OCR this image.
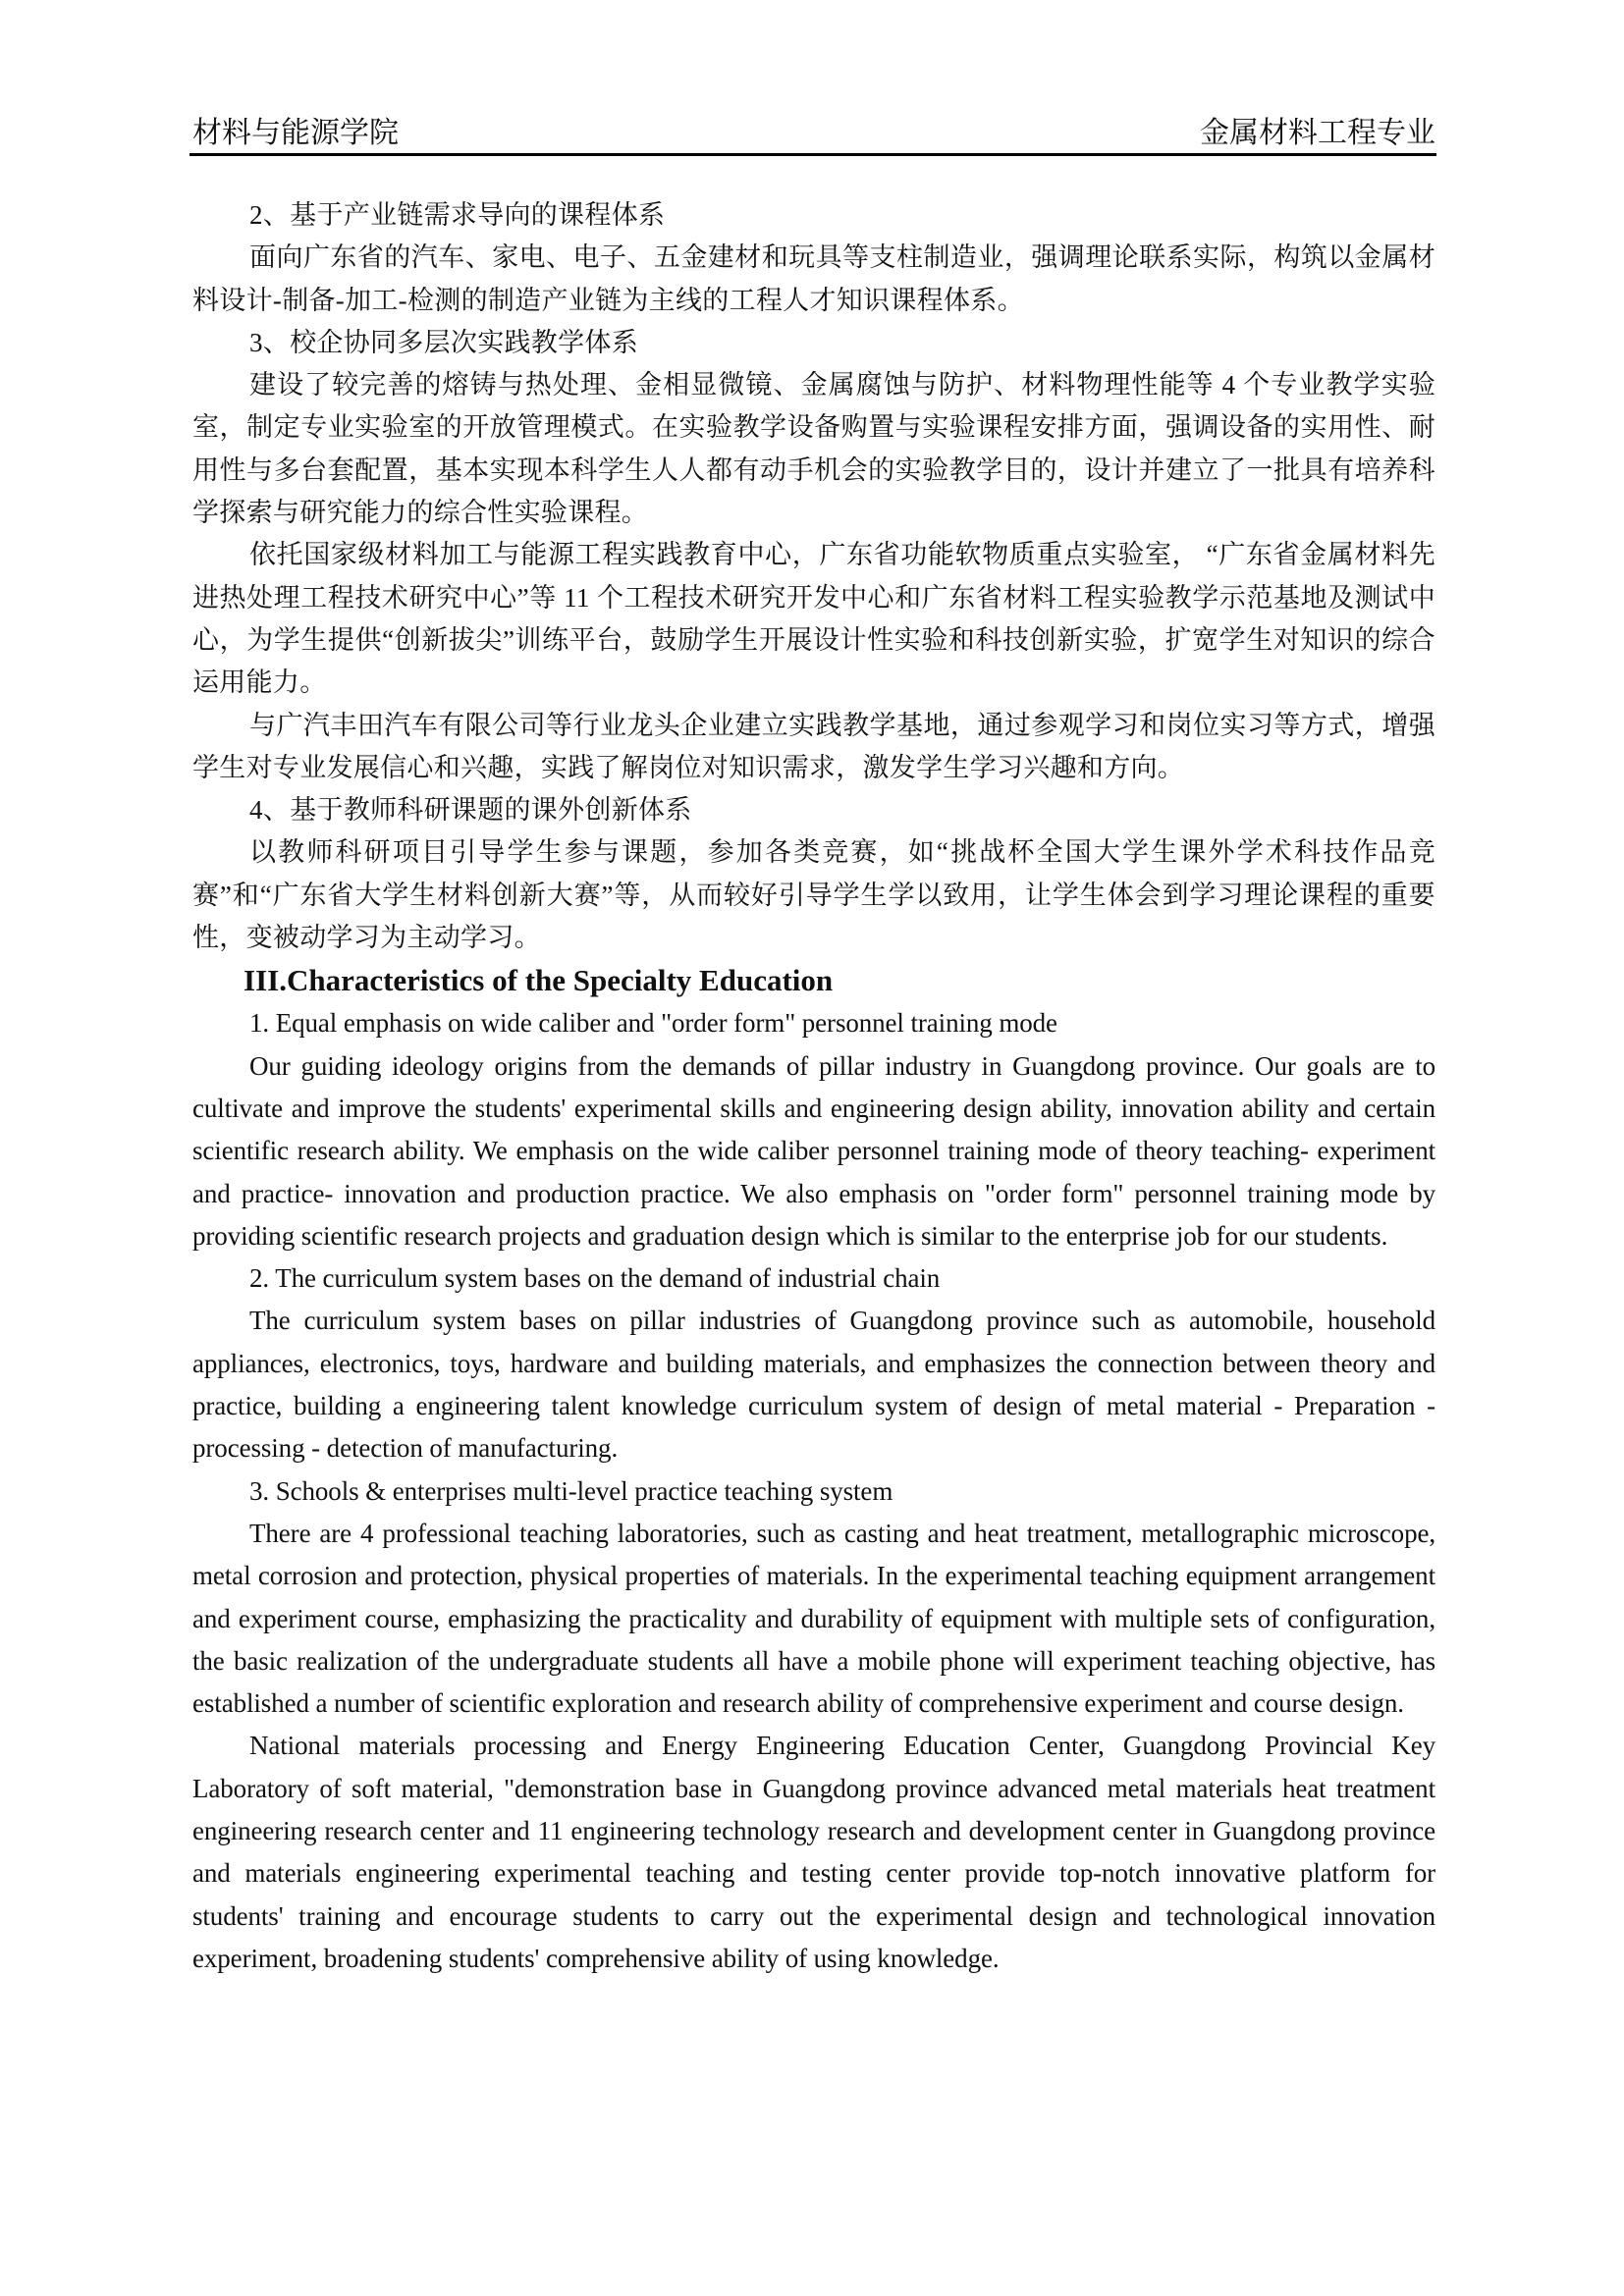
材料与能源学院	金属材料工程专业

2、基于产业链需求导向的课程体系

面向广东省的汽车、家电、电子、五金建材和玩具等支柱制造业，强调理论联系实际，构筑以金属材料设计-制备-加工-检测的制造产业链为主线的工程人才知识课程体系。

3、校企协同多层次实践教学体系

建设了较完善的熔铸与热处理、金相显微镜、金属腐蚀与防护、材料物理性能等 4 个专业教学实验室，制定专业实验室的开放管理模式。在实验教学设备购置与实验课程安排方面，强调设备的实用性、耐用性与多台套配置，基本实现本科学生人人都有动手机会的实验教学目的，设计并建立了一批具有培养科学探索与研究能力的综合性实验课程。

依托国家级材料加工与能源工程实践教育中心，广东省功能软物质重点实验室， “广东省金属材料先进热处理工程技术研究中心”等 11 个工程技术研究开发中心和广东省材料工程实验教学示范基地及测试中心，为学生提供“创新拔尖”训练平台，鼓励学生开展设计性实验和科技创新实验，扩宽学生对知识的综合运用能力。

与广汽丰田汽车有限公司等行业龙头企业建立实践教学基地，通过参观学习和岗位实习等方式，增强学生对专业发展信心和兴趣，实践了解岗位对知识需求，激发学生学习兴趣和方向。

4、基于教师科研课题的课外创新体系

以教师科研项目引导学生参与课题，参加各类竞赛，如“挑战杯全国大学生课外学术科技作品竞赛”和“广东省大学生材料创新大赛”等，从而较好引导学生学以致用，让学生体会到学习理论课程的重要性，变被动学习为主动学习。

III.Characteristics of the Specialty Education

1. Equal emphasis on wide caliber and "order form" personnel training mode

Our guiding ideology origins from the demands of pillar industry in Guangdong province. Our goals are to cultivate and improve the students' experimental skills and engineering design ability, innovation ability and certain scientific research ability. We emphasis on the wide caliber personnel training mode of theory teaching- experiment and practice- innovation and production practice. We also emphasis on "order form" personnel training mode by providing scientific research projects and graduation design which is similar to the enterprise job for our students.

2. The curriculum system bases on the demand of industrial chain

The curriculum system bases on pillar industries of Guangdong province such as automobile, household appliances, electronics, toys, hardware and building materials, and emphasizes the connection between theory and practice, building a engineering talent knowledge curriculum system of design of metal material - Preparation - processing - detection of manufacturing.

3. Schools & enterprises multi-level practice teaching system

There are 4 professional teaching laboratories, such as casting and heat treatment, metallographic microscope, metal corrosion and protection, physical properties of materials. In the experimental teaching equipment arrangement and experiment course, emphasizing the practicality and durability of equipment with multiple sets of configuration, the basic realization of the undergraduate students all have a mobile phone will experiment teaching objective, has established a number of scientific exploration and research ability of comprehensive experiment and course design.

National materials processing and Energy Engineering Education Center, Guangdong Provincial Key Laboratory of soft material, "demonstration base in Guangdong province advanced metal materials heat treatment engineering research center and 11 engineering technology research and development center in Guangdong province and materials engineering experimental teaching and testing center provide top-notch innovative platform for students' training and encourage students to carry out the experimental design and technological innovation experiment, broadening students' comprehensive ability of using knowledge.
